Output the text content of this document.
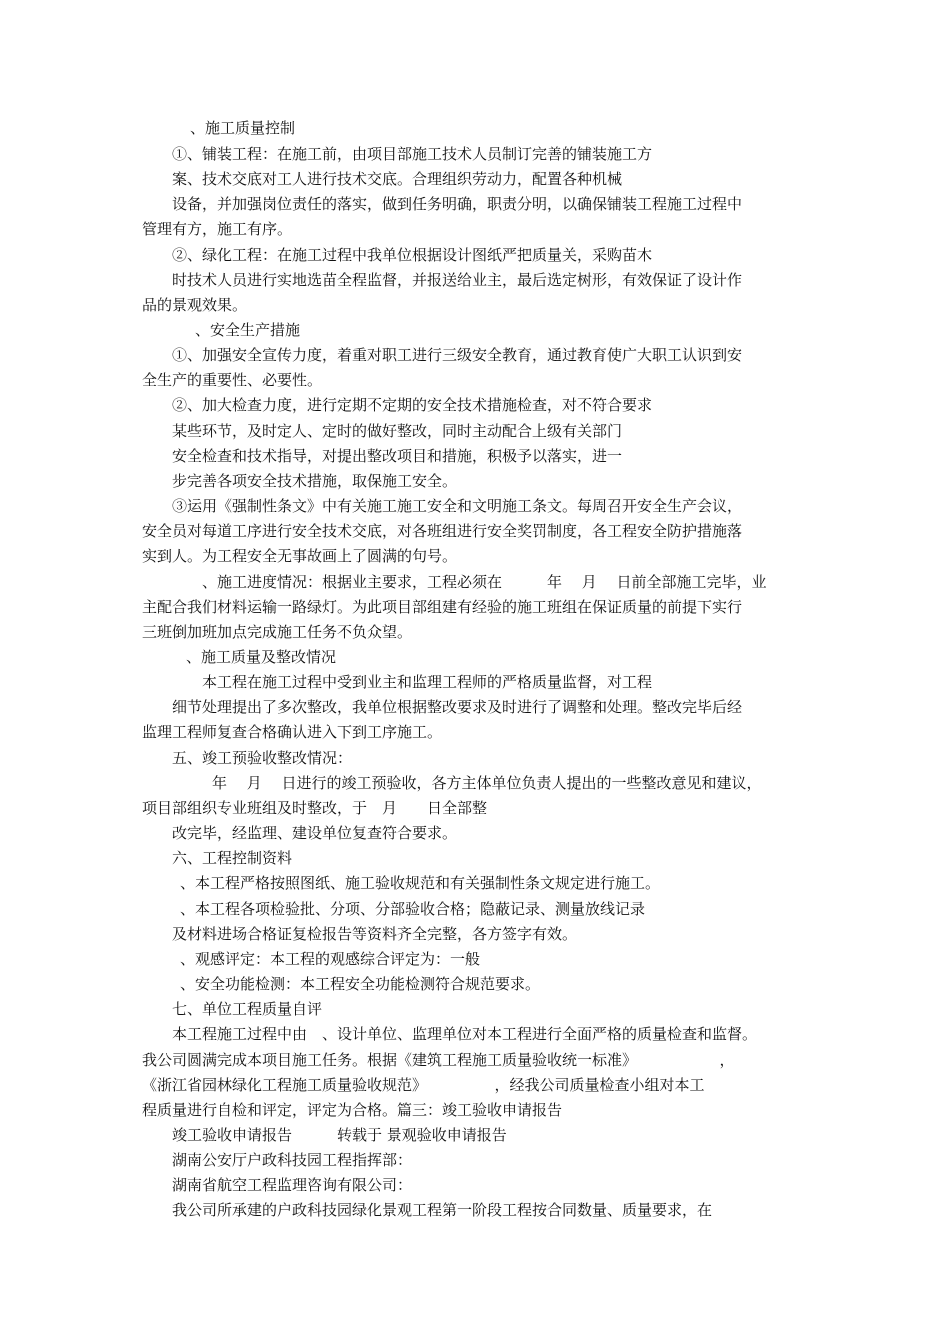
、施工质量控制

①、铺装工程：在施工前，由项目部施工技术人员制订完善的铺装施工方

案、技术交底对工人进行技术交底。合理组织劳动力，配置各种机械

设备，并加强岗位责任的落实，做到任务明确，职责分明，以确保铺装工程施工过程中

管理有方，施工有序。

②、绿化工程：在施工过程中我单位根据设计图纸严把质量关，采购苗木

时技术人员进行实地选苗全程监督，并报送给业主，最后选定树形，有效保证了设计作

品的景观效果。

、安全生产措施

①、加强安全宣传力度，着重对职工进行三级安全教育，通过教育使广大职工认识到安

全生产的重要性、必要性。

②、加大检查力度，进行定期不定期的安全技术措施检查，对不符合要求

某些环节，及时定人、定时的做好整改，同时主动配合上级有关部门

安全检查和技术指导，对提出整改项目和措施，积极予以落实，进一

步完善各项安全技术措施，取保施工安全。

③运用《强制性条文》中有关施工施工安全和文明施工条文。每周召开安全生产会议，

安全员对每道工序进行安全技术交底，对各班组进行安全奖罚制度，各工程安全防护措施落

实到人。为工程安全无事故画上了圆满的句号。

、施工进度情况：根据业主要求，工程必须在　　　年　 月　 日前全部施工完毕，业

主配合我们材料运输一路绿灯。为此项目部组建有经验的施工班组在保证质量的前提下实行

三班倒加班加点完成施工任务不负众望。

、施工质量及整改情况

本工程在施工过程中受到业主和监理工程师的严格质量监督，对工程

细节处理提出了多次整改，我单位根据整改要求及时进行了调整和处理。整改完毕后经

监理工程师复查合格确认进入下到工序施工。

五、竣工预验收整改情况：

年　 月　 日进行的竣工预验收，各方主体单位负责人提出的一些整改意见和建议，

项目部组织专业班组及时整改，于　月　　日全部整

改完毕，经监理、建设单位复查符合要求。

六、工程控制资料

、本工程严格按照图纸、施工验收规范和有关强制性条文规定进行施工。

、本工程各项检验批、分项、分部验收合格；隐蔽记录、测量放线记录

及材料进场合格证复检报告等资料齐全完整，各方签字有效。

、观感评定：本工程的观感综合评定为：一般

、安全功能检测：本工程安全功能检测符合规范要求。

七、单位工程质量自评

本工程施工过程中由　、设计单位、监理单位对本工程进行全面严格的质量检查和监督。

我公司圆满完成本项目施工任务。根据《建筑工程施工质量验收统一标准》　　　　　　，

《浙江省园林绿化工程施工质量验收规范》　　　　　，经我公司质量检查小组对本工

程质量进行自检和评定，评定为合格。篇三：竣工验收申请报告

竣工验收申请报告　　　转载于 景观验收申请报告

湖南公安厅户政科技园工程指挥部：

湖南省航空工程监理咨询有限公司：

我公司所承建的户政科技园绿化景观工程第一阶段工程按合同数量、质量要求，在
